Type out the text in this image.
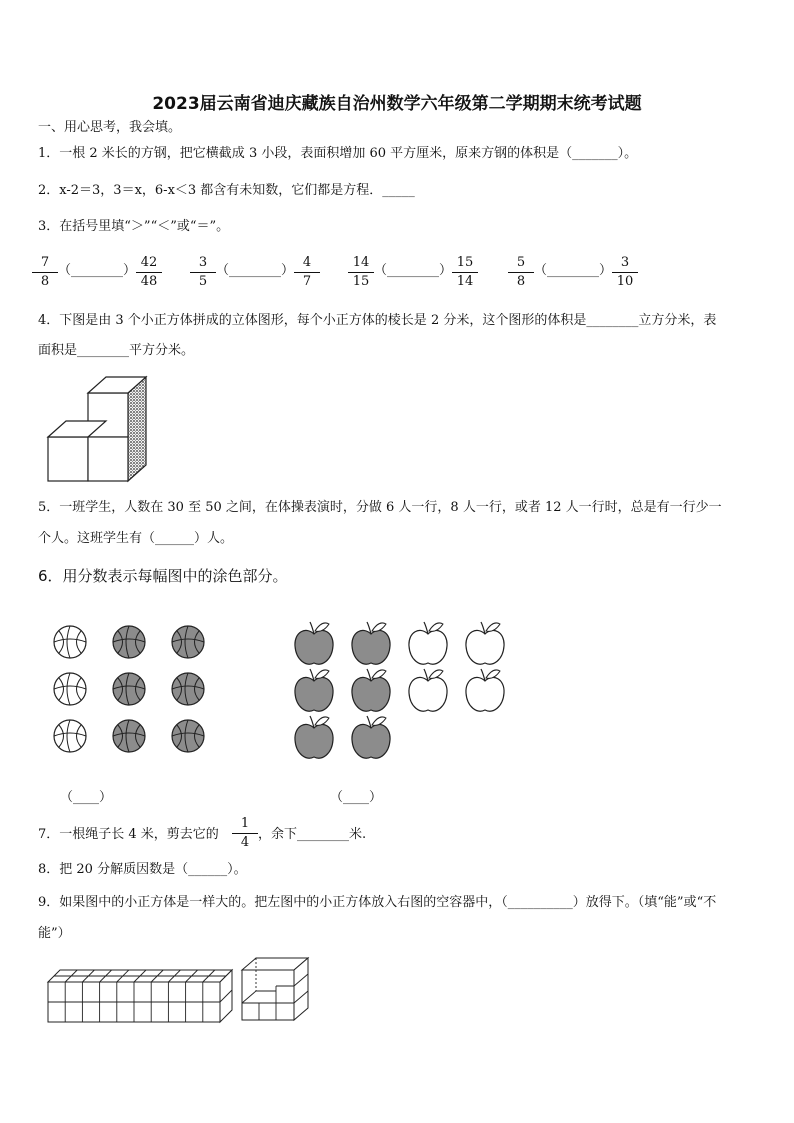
2023届云南省迪庆藏族自治州数学六年级第二学期期末统考试题
一、用心思考，我会填。
1．一根 2 米长的方钢，把它横截成 3 小段，表面积增加 60 平方厘米，原来方钢的体积是（_______）。
2．x-2＝3，3＝x，6-x＜3 都含有未知数，它们都是方程．_____
3．在括号里填“＞”“＜”或“＝”。
$\frac{7}{8}$ （________） $\frac{42}{48} \frac{3}{5}$ （________） $\frac{4}{7} \frac{14}{15}$ （________） $\frac{15}{14} \frac{5}{8}$ （________） $\frac{3}{10}$
4．下图是由 3 个小正方体拼成的立体图形，每个小正方体的棱长是 2 分米，这个图形的体积是________立方分米，表
面积是________平方分米。
5．一班学生，人数在 30 至 50 之间，在体操表演时，分做 6 人一行，8 人一行，或者 12 人一行时，总是有一行少一
个人。这班学生有（______）人。
6．用分数表示每幅图中的涂色部分。
（____）	（____）
7．一根绳子长 4 米，剪去它的 $\frac{1}{4}$ ，余下________米.
8．把 20 分解质因数是（______）。
9．如果图中的小正方体是一样大的。把左图中的小正方体放入右图的空容器中，（__________）放得下。（填“能”或“不
能”）
